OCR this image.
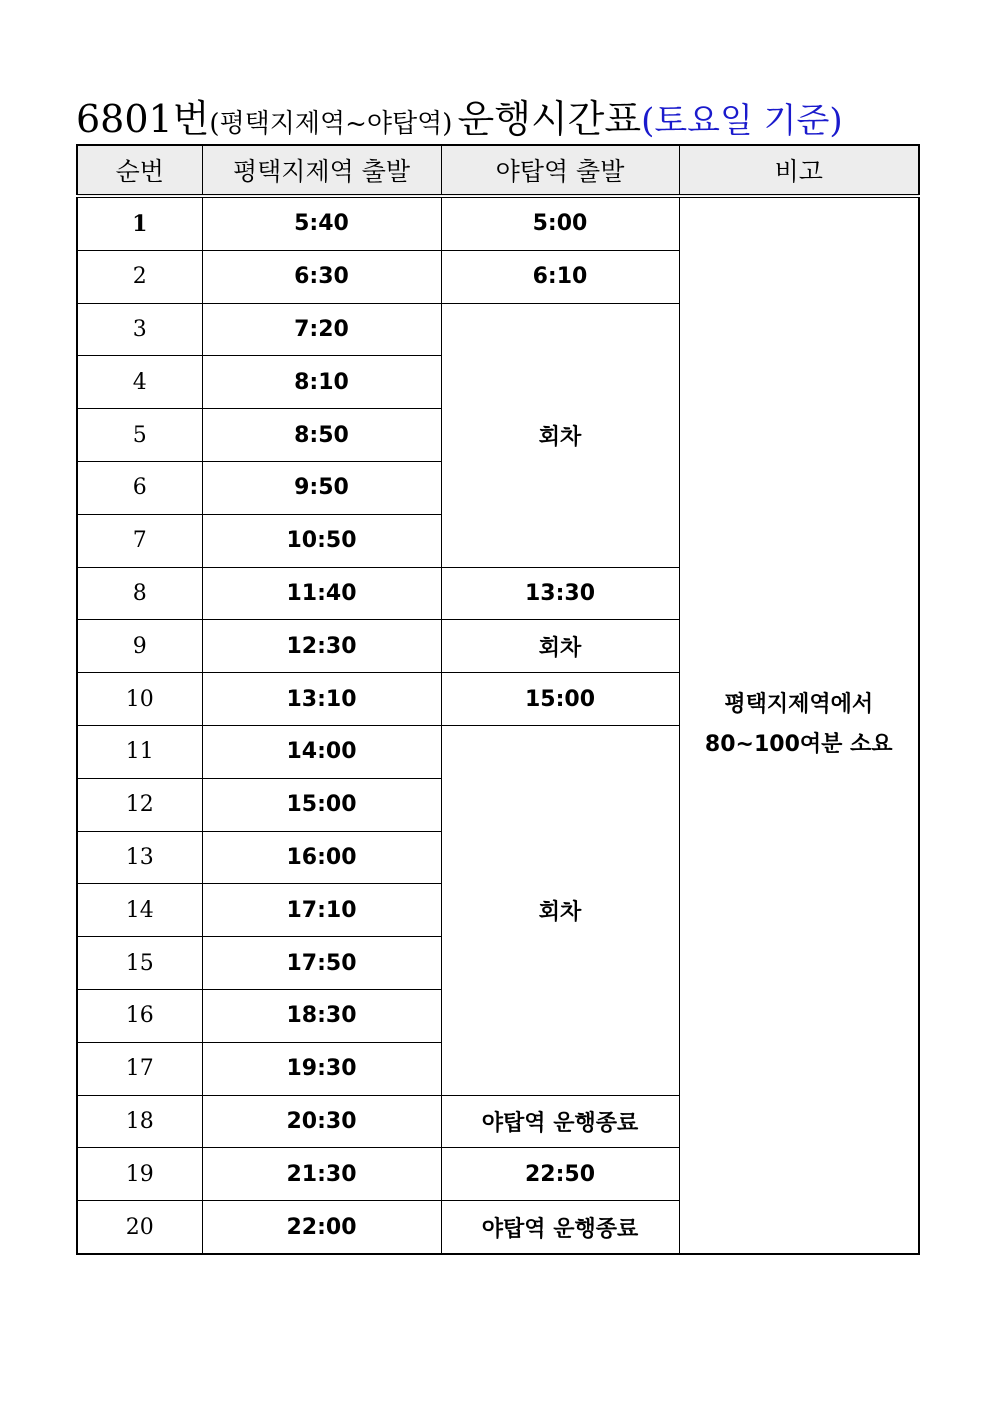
6801번(평택지제역~야탑역) 운행시간표(토요일 기준)
순번	평택지제역 출발	야탑역 출발	비고
1	5:40	5:00	평택지제역에서
80~100여분 소요

2	6:30	6:10	
3	7:20	회차	
4	8:10		
5	8:50		
6	9:50		
7	10:50		
8	11:40	13:30	
9	12:30	회차	
10	13:10	15:00	
11	14:00	회차	
12	15:00		
13	16:00		
14	17:10		
15	17:50		
16	18:30		
17	19:30		
18	20:30	야탑역 운행종료	
19	21:30	22:50	
20	22:00	야탑역 운행종료	
